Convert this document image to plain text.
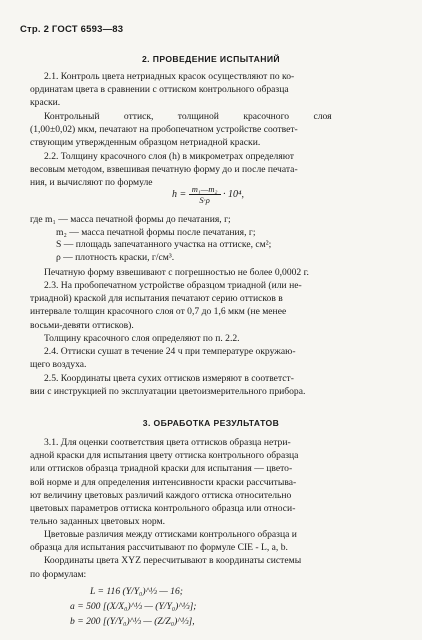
Стр. 2 ГОСТ 6593—83
2. ПРОВЕДЕНИЕ ИСПЫТАНИЙ
2.1. Контроль цвета нетриадных красок осуществляют по ко-
ординатам цвета в сравнении с оттиском контрольного образца
краски.
Контрольный оттиск, толщиной красочного слоя
(1,00±0,02) мкм, печатают на пробопечатном устройстве соответ-
ствующим утвержденным образцом нетриадной краски.
2.2. Толщину красочного слоя (h) в микрометрах определяют
весовым методом, взвешивая печатную форму до и после печата-
ния, и вычисляют по формуле
$h = \frac{\text{m₁—m₂}}{S\cdot\rho} \cdot 10^4$,
где m₁ — масса печатной формы до печатания, г;
m₂ — масса печатной формы после печатания, г;
S — площадь запечатанного участка на оттиске, см²;
ρ — плотность краски, г/см³.
Печатную форму взвешивают с погрешностью не более 0,0002 г.
2.3. На пробопечатном устройстве образцом триадной (или не-
триадной) краской для испытания печатают серию оттисков в
интервале толщин красочного слоя от 0,7 до 1,6 мкм (не менее
восьми-девяти оттисков).
Толщину красочного слоя определяют по п. 2.2.
2.4. Оттиски сушат в течение 24 ч при температуре окружаю-
щего воздуха.
2.5. Координаты цвета сухих оттисков измеряют в соответст-
вии с инструкцией по эксплуатации цветоизмерительного прибора.
3. ОБРАБОТКА РЕЗУЛЬТАТОВ
3.1. Для оценки соответствия цвета оттисков образца нетри-
адной краски для испытания цвету оттиска контрольного образца
или оттисков образца триадной краски для испытания — цвето-
вой норме и для определения интенсивности краски рассчитыва-
ют величину цветовых различий каждого оттиска относительно
цветовых параметров оттиска контрольного образца или относи-
тельно заданных цветовых норм.
Цветовые различия между оттисками контрольного образца и
образца для испытания рассчитывают по формуле CIE - L, a, b.
Координаты цвета XYZ пересчитывают в координаты системы
по формулам:
L = 116 (Y/Y₀)^⅓ — 16;
a = 500 [(X/X₀)^⅓ — (Y/Y₀)^⅓];
b = 200 [(Y/Y₀)^⅓ — (Z/Z₀)^⅓],
